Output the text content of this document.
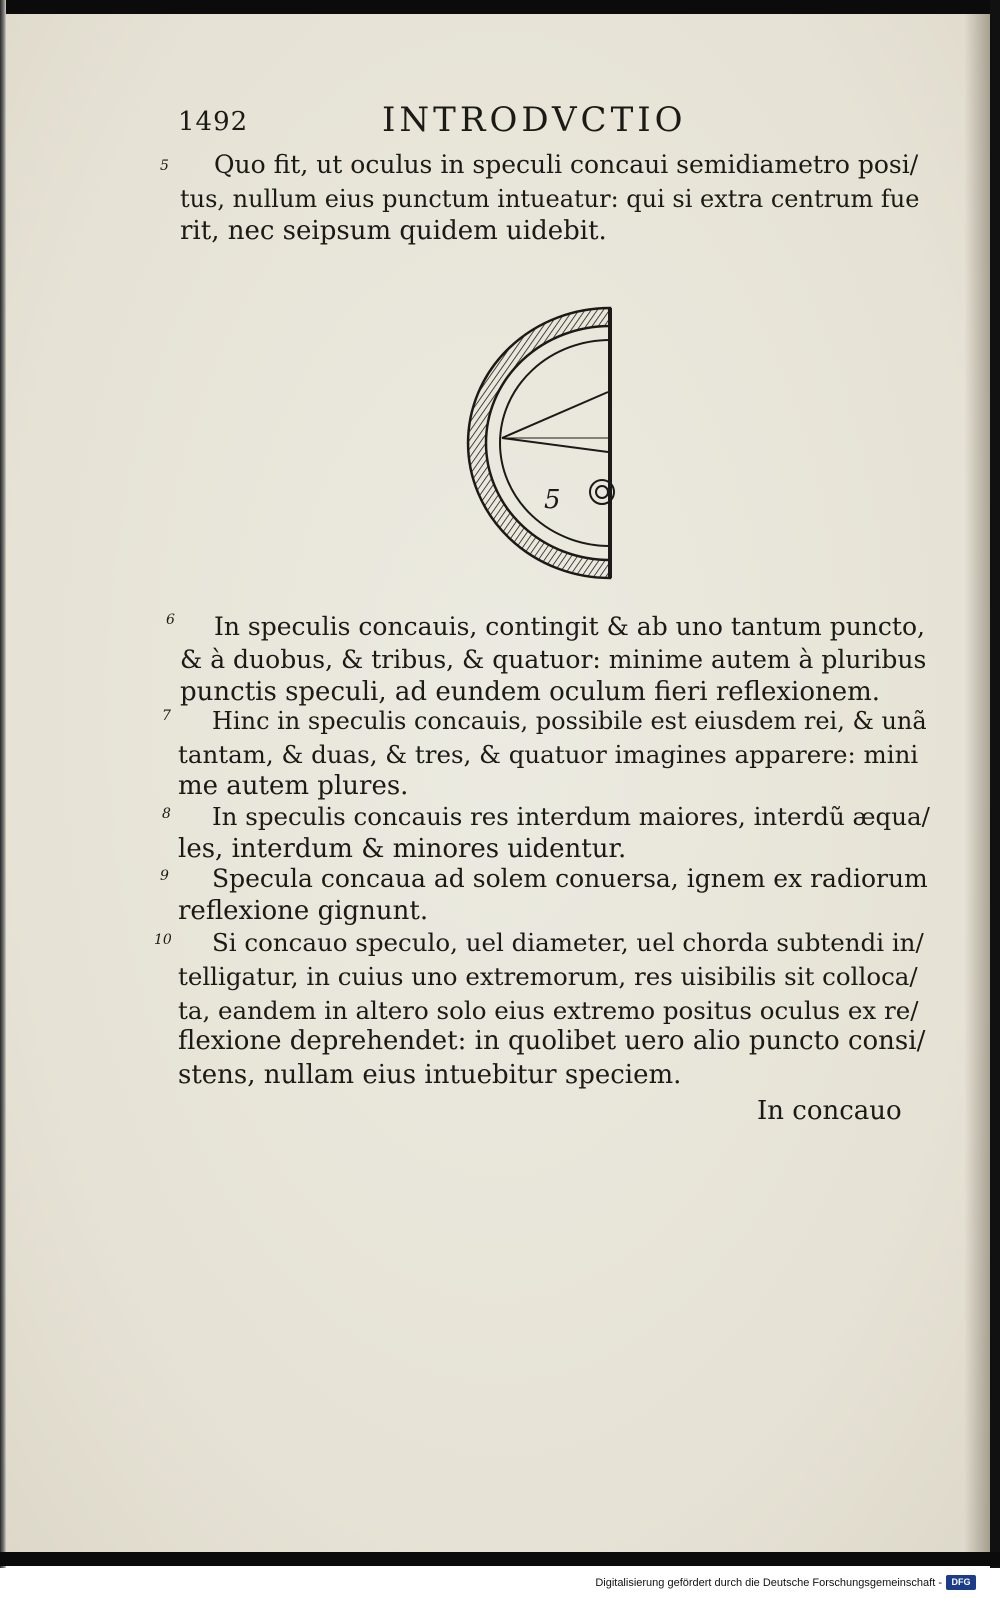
1492	INTRODVCTIO
5 Quo fit, ut oculus in speculi concaui semidiametro posi/
tus, nullum eius punctum intueatur: qui si extra centrum fue
rit, nec seipsum quidem uidebit.
5
6 In speculis concauis, contingit & ab uno tantum puncto,
& à duobus, & tribus, & quatuor: minime autem à pluribus
punctis speculi, ad eundem oculum fieri reflexionem.
7 Hinc in speculis concauis, possibile est eiusdem rei, & unã
tantam, & duas, & tres, & quatuor imagines apparere: mini
me autem plures.
8 In speculis concauis res interdum maiores, interdũ æqua/
les, interdum & minores uidentur.
9 Specula concaua ad solem conuersa, ignem ex radiorum
reflexione gignunt.
10 Si concauo speculo, uel diameter, uel chorda subtendi in/
telligatur, in cuius uno extremorum, res uisibilis sit colloca/
ta, eandem in altero solo eius extremo positus oculus ex re/
flexione deprehendet: in quolibet uero alio puncto consi/
stens, nullam eius intuebitur speciem.
In concauo
Digitalisierung gefördert durch die Deutsche Forschungsgemeinschaft -	DFG
